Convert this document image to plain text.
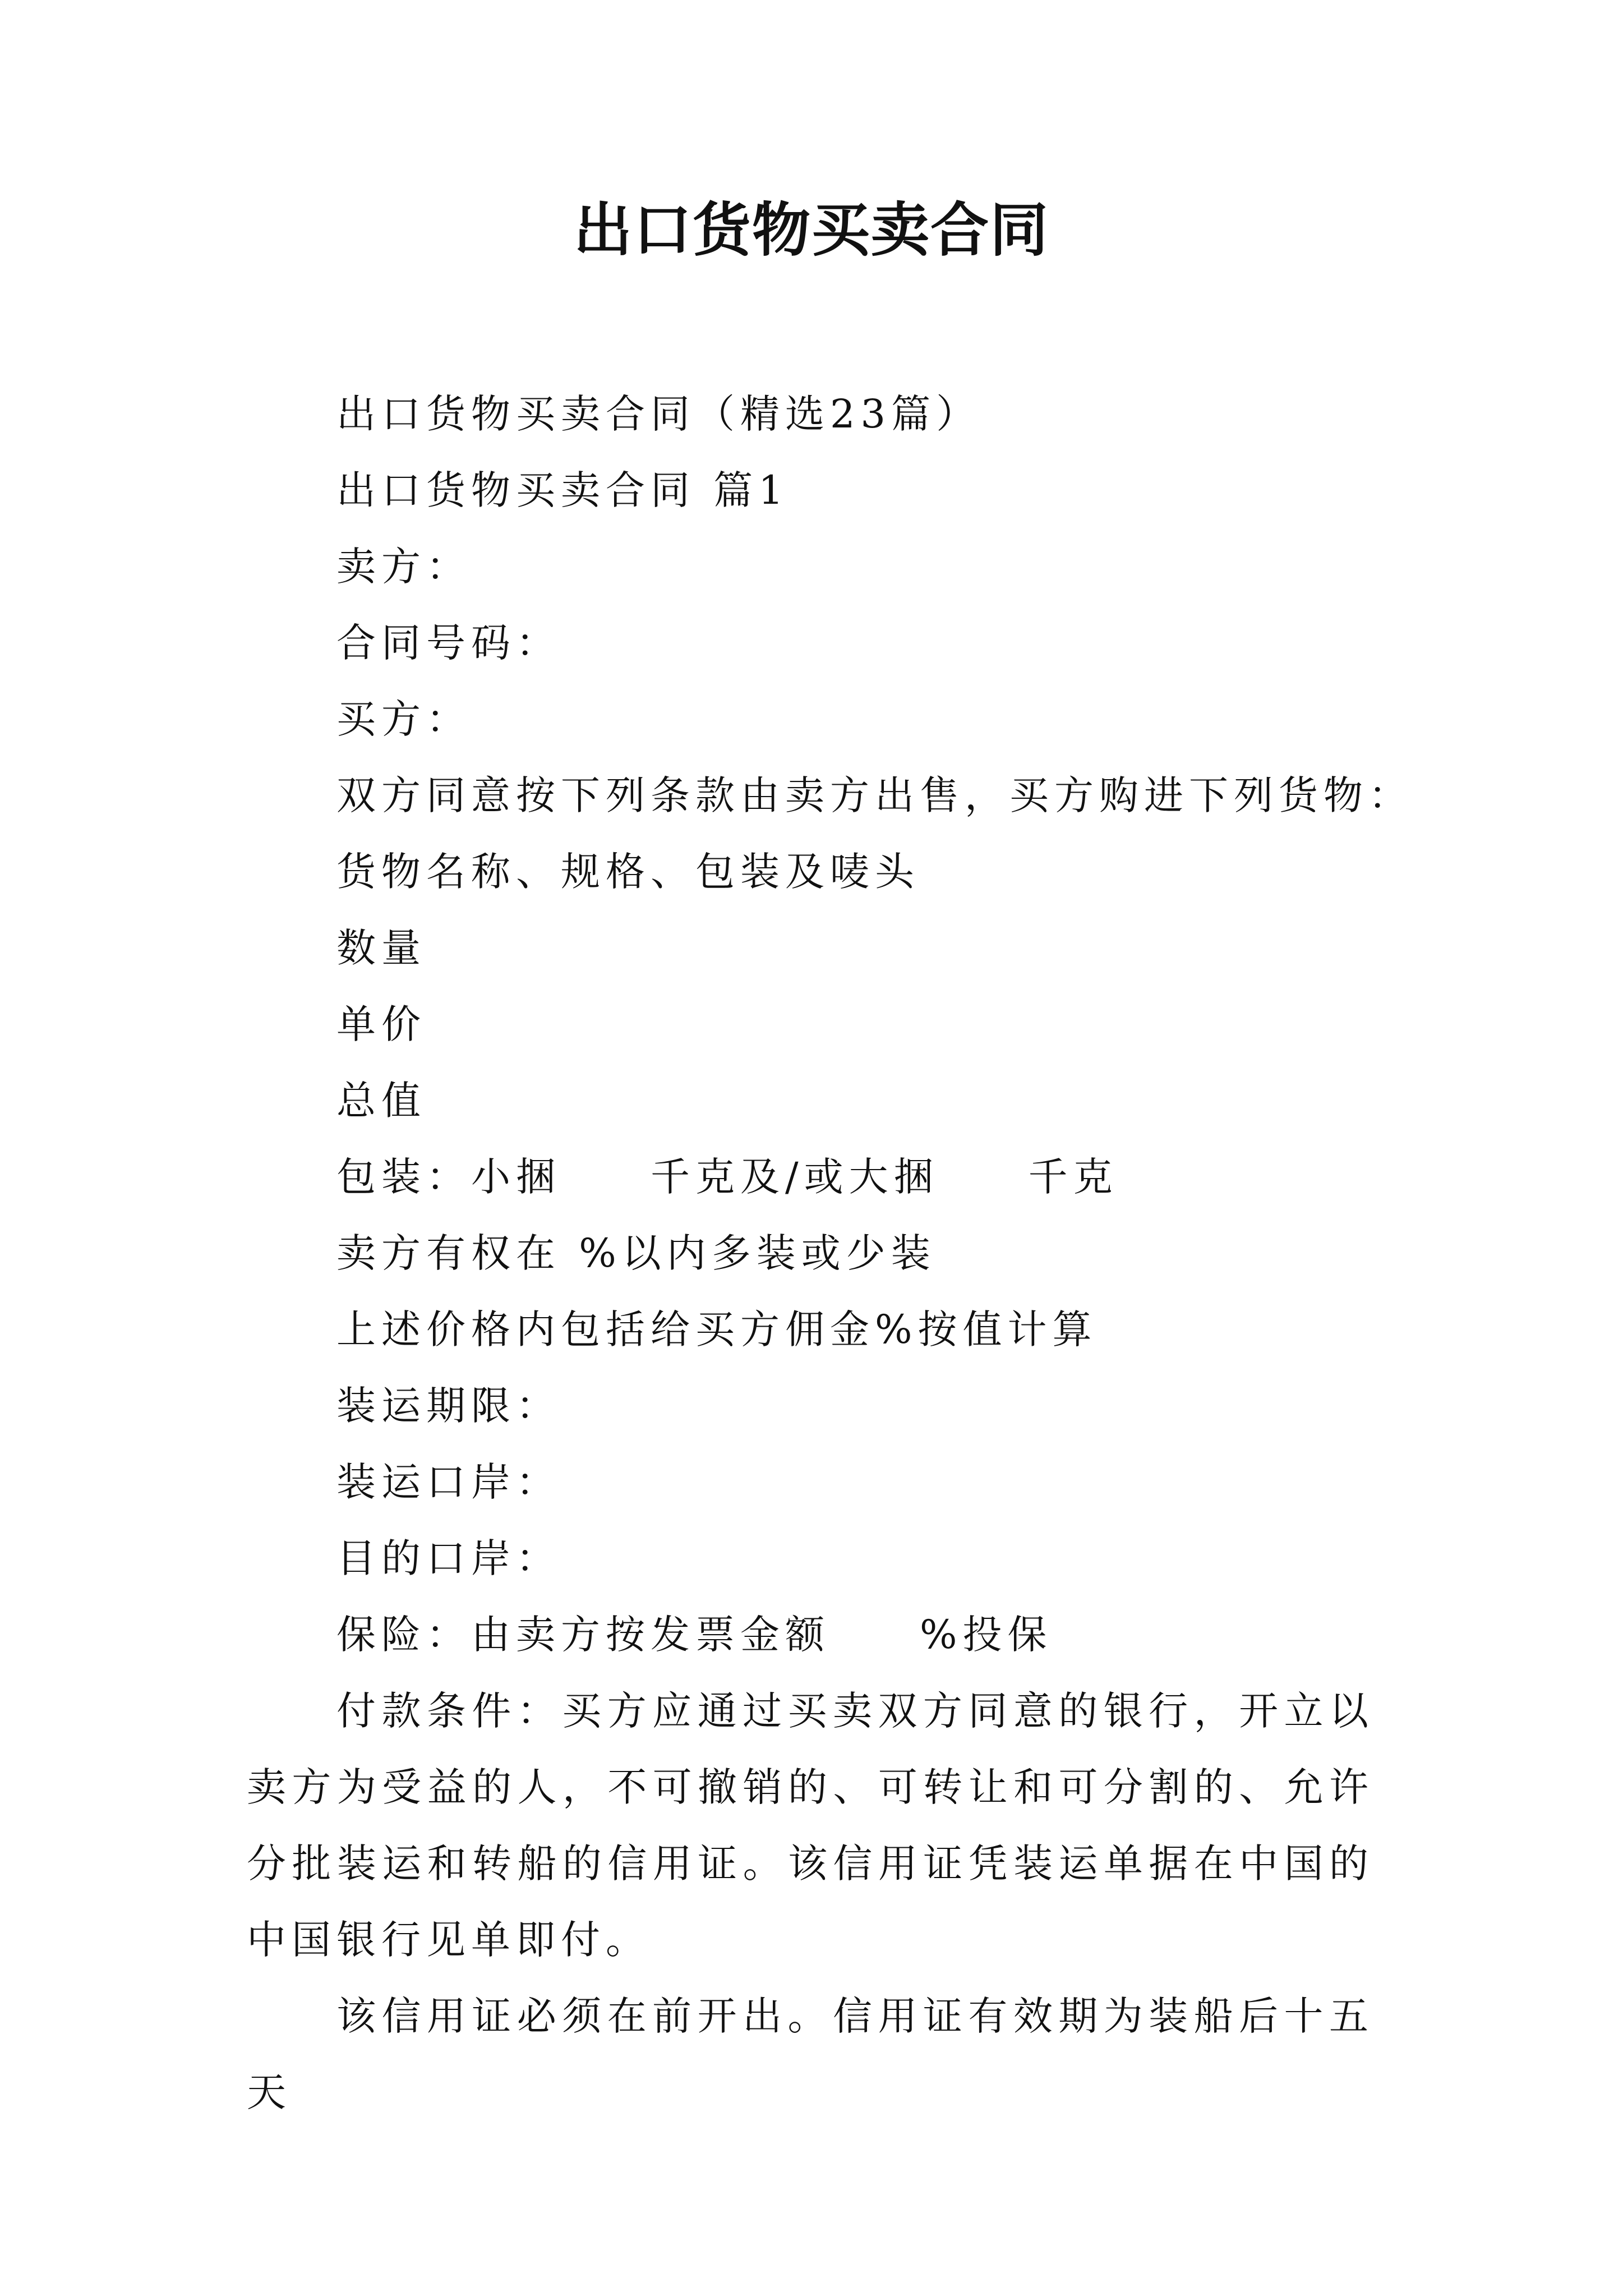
出口货物买卖合同
出口货物买卖合同（精选23篇）
出口货物买卖合同 篇1
卖方：
合同号码：
买方：
双方同意按下列条款由卖方出售，买方购进下列货物：
货物名称、规格、包装及唛头
数量
单价
总值
包装：小捆　　千克及/或大捆　　千克
卖方有权在 %以内多装或少装
上述价格内包括给买方佣金%按值计算
装运期限：
装运口岸：
目的口岸：
保险：由卖方按发票金额　　%投保
付款条件：买方应通过买卖双方同意的银行，开立以卖方为受益的人，不可撤销的、可转让和可分割的、允许分批装运和转船的信用证。该信用证凭装运单据在中国的中国银行见单即付。
该信用证必须在前开出。信用证有效期为装船后十五天
